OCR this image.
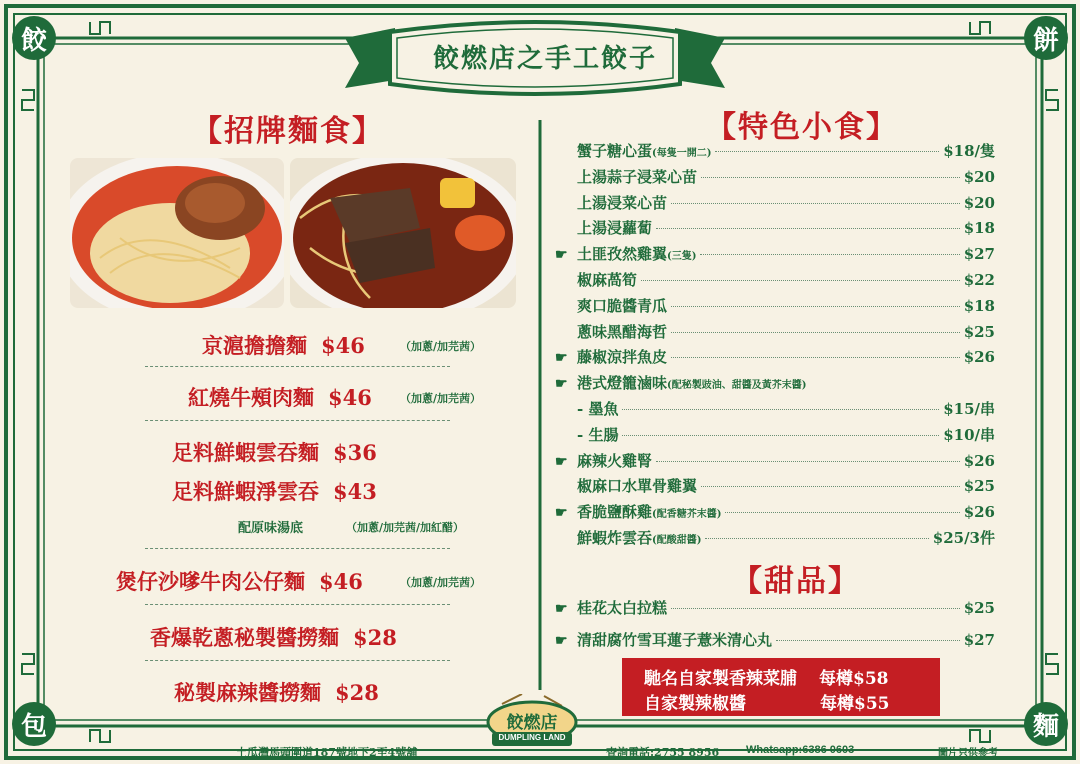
餃	餅
包	麵
餃燃店之手工餃子
【招牌麵食】
京滬擔擔麵 $46	（加蔥/加芫茜）
紅燒牛頰肉麵 $46	（加蔥/加芫茜）
足料鮮蝦雲吞麵 $36
足料鮮蝦淨雲吞 $43
配原味湯底	（加蔥/加芫茜/加紅醋）
煲仔沙嗲牛肉公仔麵 $46	（加蔥/加芫茜）
香爆乾蔥秘製醬撈麵 $28
秘製麻辣醬撈麵 $28
【特色小食】
蟹子糖心蛋 (每隻一開二)	$18/隻
上湯蒜子浸菜心苗	$20
上湯浸菜心苗	$20
上湯浸蘿蔔	$18
☛ 土匪孜然雞翼 (三隻)	$27
椒麻萵筍	$22
爽口脆醬青瓜	$18
蔥味黑醋海哲	$25
☛ 藤椒涼拌魚皮	$26
☛ 港式燈籠滷味 (配秘製豉油、甜醬及黃芥末醬)
- 墨魚	$15/串
- 生腸	$10/串
☛ 麻辣火雞腎	$26
椒麻口水單骨雞翼	$25
☛ 香脆鹽酥雞 (配香糖芥末醬)	$26
鮮蝦炸雲吞 (配酸甜醬)	$25/3件
【甜品】
☛ 桂花太白拉糕	$25
☛ 清甜腐竹雪耳蓮子薏米清心丸	$27
馳名自家製香辣菜脯 每樽$58
自家製辣椒醬	每樽$55
餃燃店
DUMPLING LAND
土瓜灣馬頭圍道187號地下2至4號舖	查詢電話:2755 8956 Whatsapp:6386 0603	圖片只供參考
